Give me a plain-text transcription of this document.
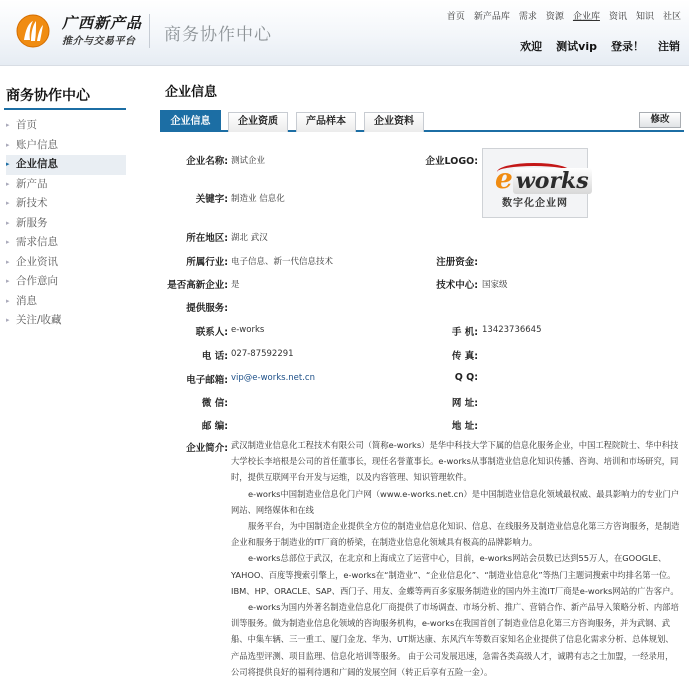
广西新产品
推介与交易平台 商务协作中心
首页 新产品库 需求 资源 企业库 资讯 知识 社区
欢迎 测试vip 登录！ 注销
商务协作中心
▸ 首页
▸ 账户信息
▸ 企业信息
▸ 新产品
▸ 新技术
▸ 新服务
▸ 需求信息
▸ 企业资讯
▸ 合作意向
▸ 消息
▸ 关注/收藏
企业信息
企业信息	企业资质	产品样本	企业资料	修改
企业名称: 测试企业	企业LOGO:
e works
数字化企业网
关键字: 制造业 信息化
所在地区: 湖北 武汉
所属行业: 电子信息、新一代信息技术	注册资金:
是否高新企业: 是	技术中心: 国家级
提供服务:
联系人: e-works	手 机: 13423736645
电 话: 027-87592291	传 真:
电子邮箱: vip@e-works.net.cn	Q Q:
微 信:	网 址:
邮 编:	地 址:
企业简介: 武汉制造业信息化工程技术有限公司（简称e-works）是华中科技大学下属的信息化服务企业，中国工程院院士、华中科技大学校长李培根是公司的首任董事长，现任名誉董事长。e-works从事制造业信息化知识传播、咨询、培训和市场研究，同时，提供互联网平台开发与运维，以及内容管理、知识管理软件。

e-works中国制造业信息化门户网（www.e-works.net.cn）是中国制造业信息化领域最权威、最具影响力的专业门户网站、网络媒体和在线

服务平台，为中国制造企业提供全方位的制造业信息化知识、信息、在线服务及制造业信息化第三方咨询服务，是制造企业和服务于制造业的IT厂商的桥梁，在制造业信息化领域具有极高的品牌影响力。

e-works总部位于武汉，在北京和上海成立了运营中心，目前，e-works网站会员数已达到55万人，在GOOGLE、YAHOO、百度等搜索引擎上，e-works在“制造业”、“企业信息化”、“制造业信息化”等热门主题词搜索中均排名第一位。IBM、HP、ORACLE、SAP、西门子、用友、金蝶等两百多家服务制造业的国内外主流IT厂商是e-works网站的广告客户。

e-works为国内外著名制造业信息化厂商提供了市场调查、市场分析、推广、营销合作、新产品导入策略分析、内部培训等服务。做为制造业信息化领域的咨询服务机构，e-works在我国首创了制造业信息化第三方咨询服务，并为武钢、武船、中集车辆、三一重工、厦门金龙、华为、UT斯达康、东风汽车等数百家知名企业提供了信息化需求分析、总体规划、产品选型评测、项目监理、信息化培训等服务。 由于公司发展迅速，急需各类高级人才，诚聘有志之士加盟，一经录用，公司将提供良好的福利待遇和广阔的发展空间（转正后享有五险一金）。
